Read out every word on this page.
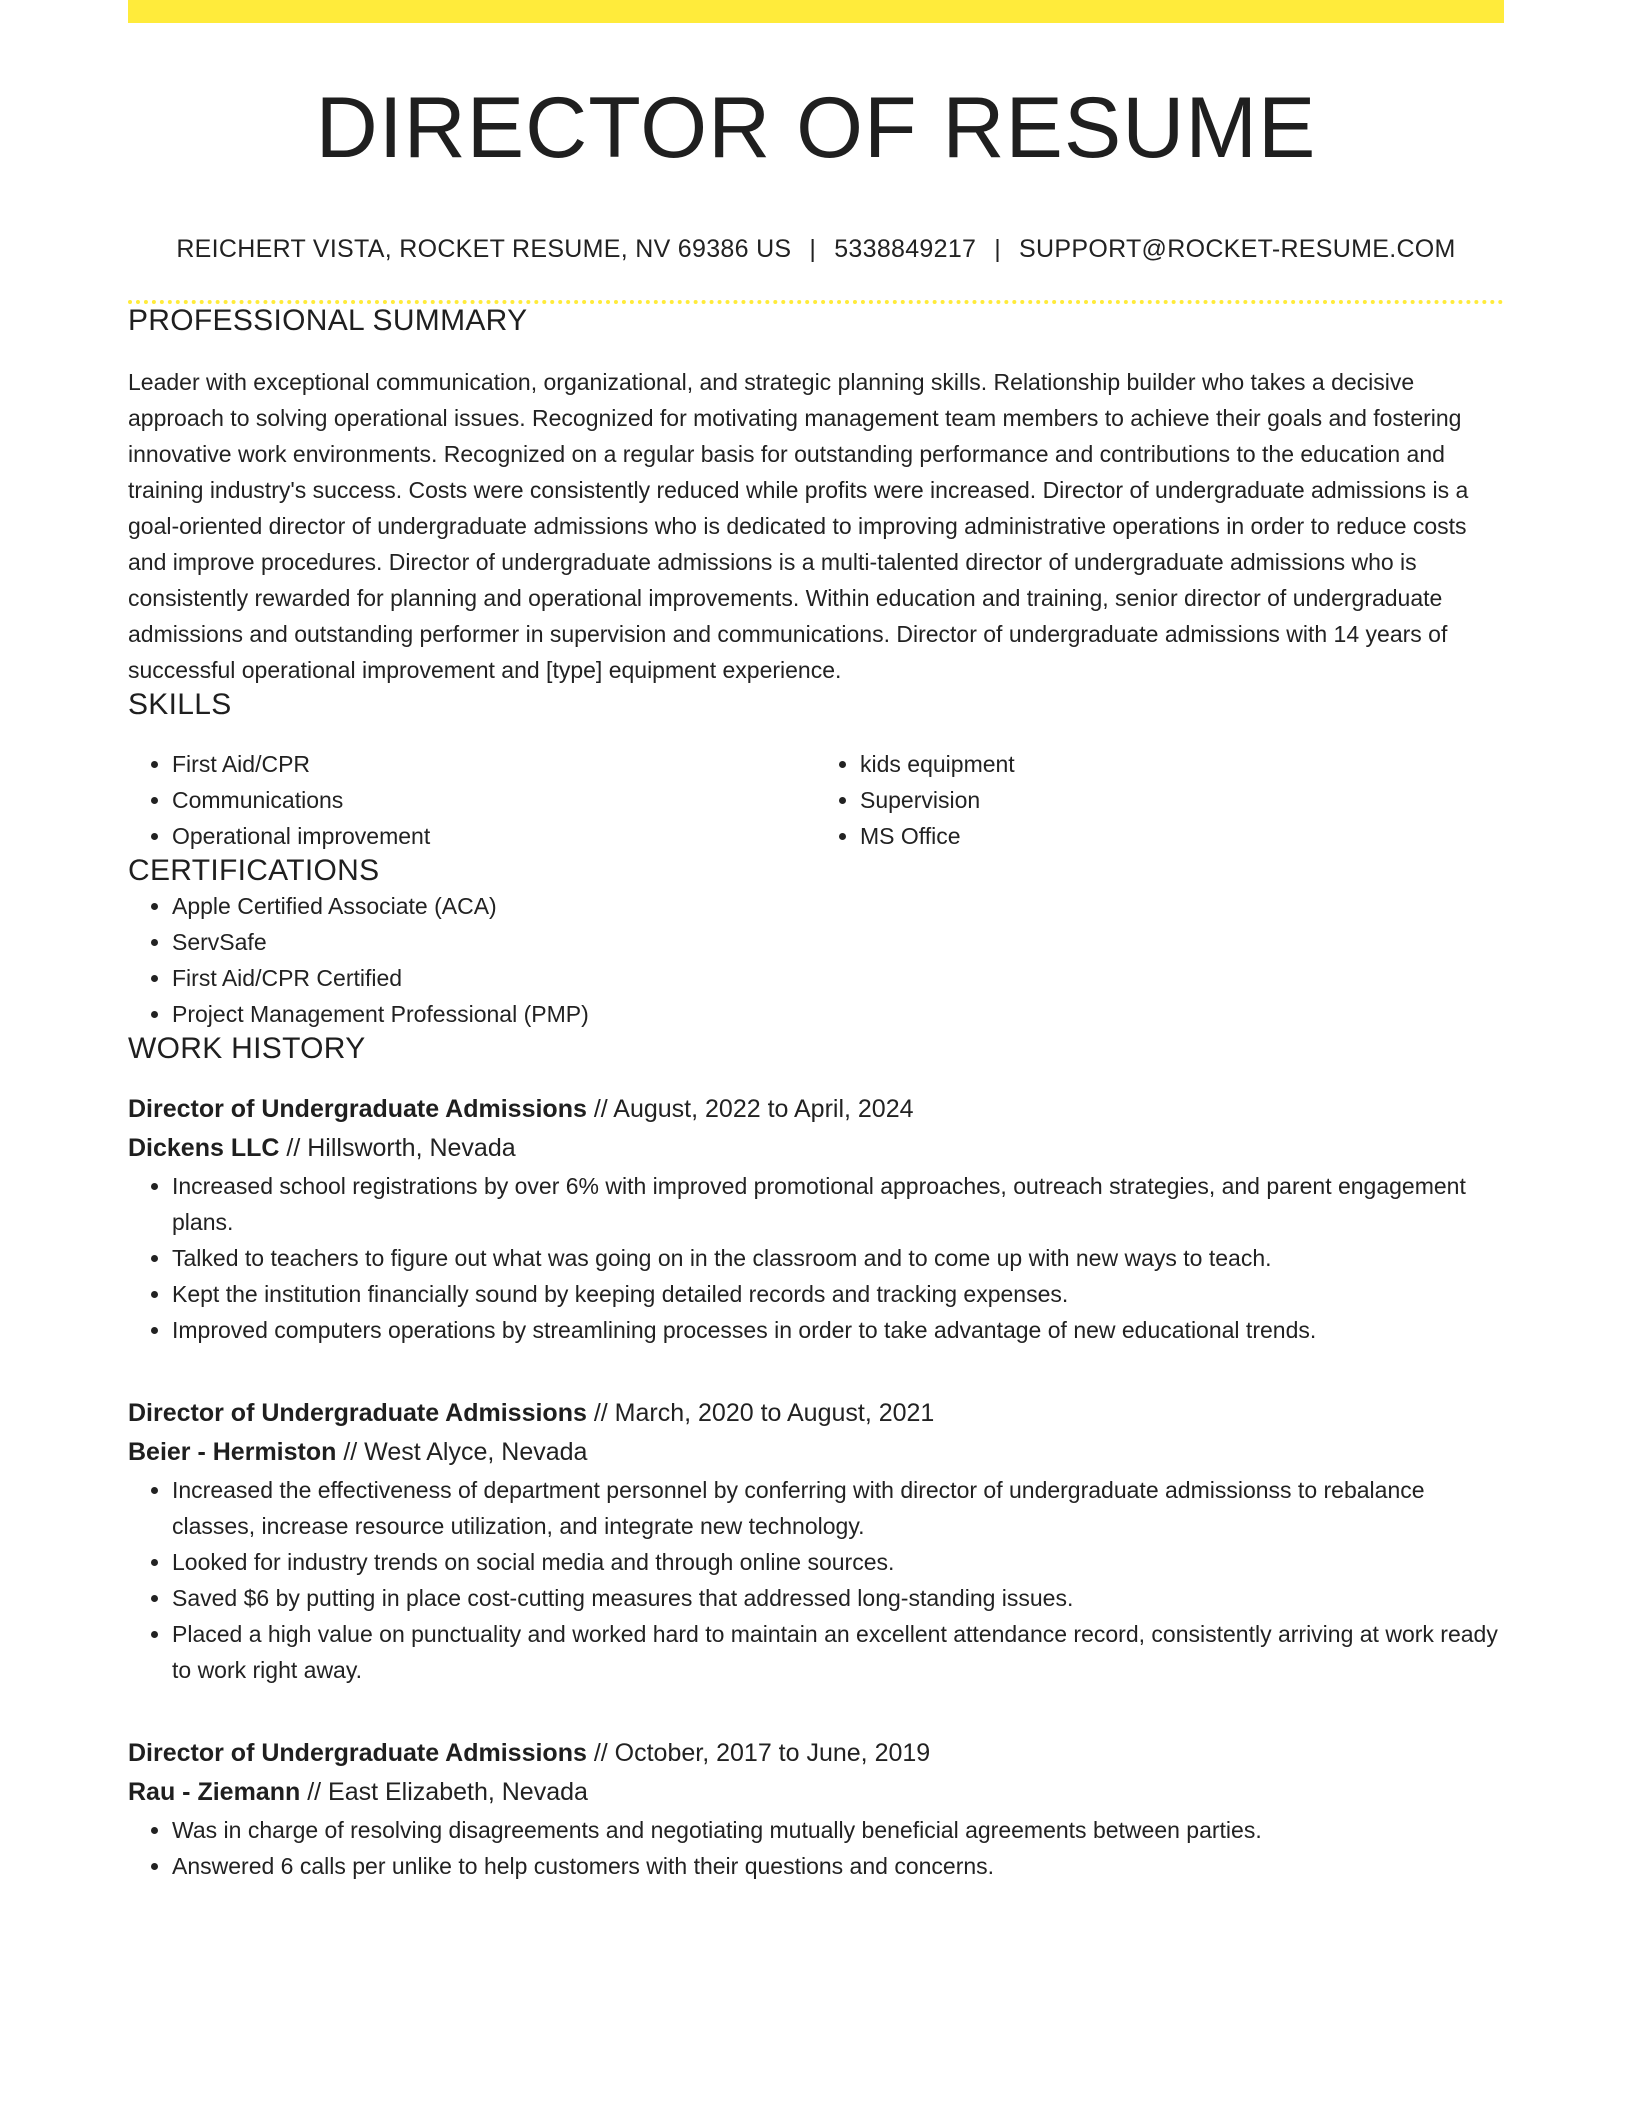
DIRECTOR OF RESUME
REICHERT VISTA, ROCKET RESUME, NV 69386 US | 5338849217 | SUPPORT@ROCKET-RESUME.COM
PROFESSIONAL SUMMARY
Leader with exceptional communication, organizational, and strategic planning skills. Relationship builder who takes a decisive approach to solving operational issues. Recognized for motivating management team members to achieve their goals and fostering innovative work environments. Recognized on a regular basis for outstanding performance and contributions to the education and training industry's success. Costs were consistently reduced while profits were increased. Director of undergraduate admissions is a goal-oriented director of undergraduate admissions who is dedicated to improving administrative operations in order to reduce costs and improve procedures. Director of undergraduate admissions is a multi-talented director of undergraduate admissions who is consistently rewarded for planning and operational improvements. Within education and training, senior director of undergraduate admissions and outstanding performer in supervision and communications. Director of undergraduate admissions with 14 years of successful operational improvement and [type] equipment experience.
SKILLS
• First Aid/CPR
• Communications
• Operational improvement
• kids equipment
• Supervision
• MS Office
CERTIFICATIONS
• Apple Certified Associate (ACA)
• ServSafe
• First Aid/CPR Certified
• Project Management Professional (PMP)
WORK HISTORY
Director of Undergraduate Admissions // August, 2022 to April, 2024
Dickens LLC // Hillsworth, Nevada
• Increased school registrations by over 6% with improved promotional approaches, outreach strategies, and parent engagement plans.
• Talked to teachers to figure out what was going on in the classroom and to come up with new ways to teach.
• Kept the institution financially sound by keeping detailed records and tracking expenses.
• Improved computers operations by streamlining processes in order to take advantage of new educational trends.
Director of Undergraduate Admissions // March, 2020 to August, 2021
Beier - Hermiston // West Alyce, Nevada
• Increased the effectiveness of department personnel by conferring with director of undergraduate admissionss to rebalance classes, increase resource utilization, and integrate new technology.
• Looked for industry trends on social media and through online sources.
• Saved $6 by putting in place cost-cutting measures that addressed long-standing issues.
• Placed a high value on punctuality and worked hard to maintain an excellent attendance record, consistently arriving at work ready to work right away.
Director of Undergraduate Admissions // October, 2017 to June, 2019
Rau - Ziemann // East Elizabeth, Nevada
• Was in charge of resolving disagreements and negotiating mutually beneficial agreements between parties.
• Answered 6 calls per unlike to help customers with their questions and concerns.
